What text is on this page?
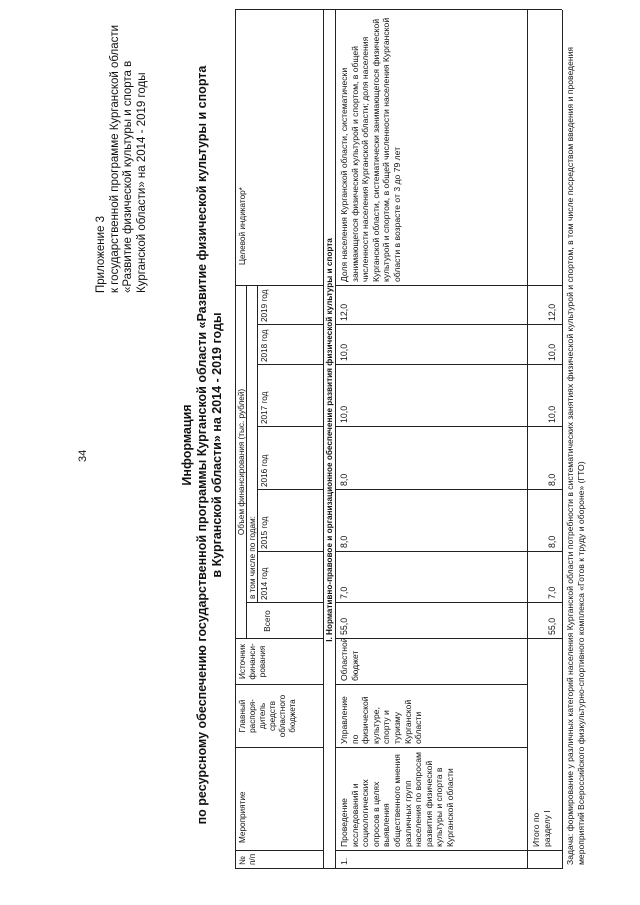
34
Приложение 3 к государственной программе Курганской области «Развитие физической культуры и спорта в Курганской области» на 2014 - 2019 годы
Информация по ресурсному обеспечению государственной программы Курганской области «Развитие физической культуры и спорта в Курганской области» на 2014 - 2019 годы
№ п/п
Мероприятие
Главный распоря- дитель средств областного бюджета
Источник финанси- рования
Объем финансирования (тыс. рублей)
Всего
в том числе по годам: 2014 год
2015 год
2016 год
2017 год
2018 год
2019 год
Целевой индикатор*
I. Нормативно-правовое и организационное обеспечение развития физической культуры и спорта
1.
Проведение исследований и социологических опросов в целях выявления общественного мнения различных групп населения по вопросам развития физической культуры и спорта в Курганской области
Управление по физической культуре, спорту и туризму Курганской области
Областной бюджет
55,0
7,0
8,0
8,0
10,0
10,0
12,0
Доля населения Курганской области, систематически занимающегося физической культурой и спортом, в общей численности населения Курганской области; доля населения Курганской области, систематически занимающегося физической культурой и спортом, в общей численности населения Курганской области в возрасте от 3 до 79 лет
Итого по разделу I
55,0
7,0
8,0
8,0
10,0
10,0
12,0 Задача: формирование у различных категорий населения Курганской области потребности в систематических занятиях физической культурой и спортом, в том числе посредством введения и проведения мероприятий Всероссийского физкультурно-спортивного комплекса «Готов к труду и обороне» (ГТО)
